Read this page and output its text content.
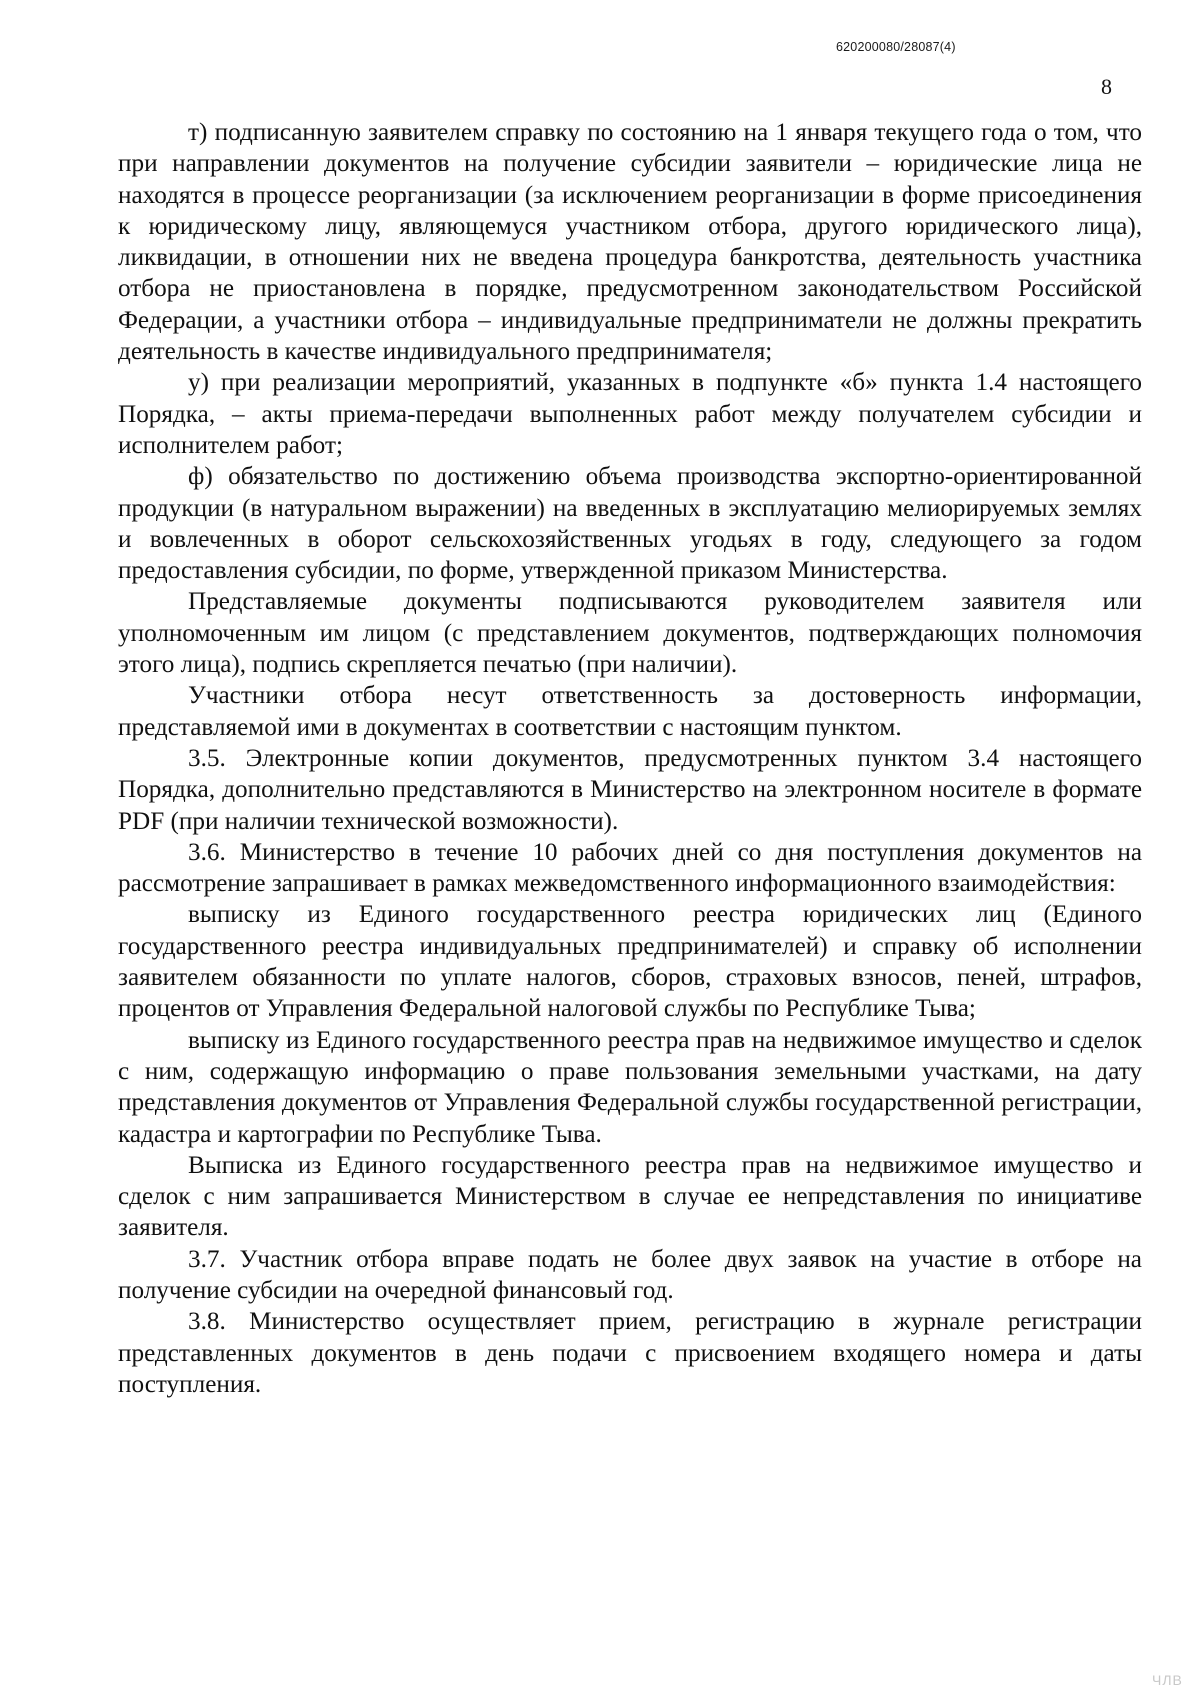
620200080/28087(4)
8

т) подписанную заявителем справку по состоянию на 1 января текущего года о том, что при направлении документов на получение субсидии заявители – юридические лица не находятся в процессе реорганизации (за исключением реорганизации в форме присоединения к юридическому лицу, являющемуся участником отбора, другого юридического лица), ликвидации, в отношении них не введена процедура банкротства, деятельность участника отбора не приостановлена в порядке, предусмотренном законодательством Российской Федерации, а участники отбора – индивидуальные предприниматели не должны прекратить деятельность в качестве индивидуального предпринимателя;

у) при реализации мероприятий, указанных в подпункте «б» пункта 1.4 настоящего Порядка, – акты приема-передачи выполненных работ между получателем субсидии и исполнителем работ;

ф) обязательство по достижению объема производства экспортно-ориентированной продукции (в натуральном выражении) на введенных в эксплуатацию мелиорируемых землях и вовлеченных в оборот сельскохозяйственных угодьях в году, следующего за годом предоставления субсидии, по форме, утвержденной приказом Министерства.

Представляемые документы подписываются руководителем заявителя или уполномоченным им лицом (с представлением документов, подтверждающих полномочия этого лица), подпись скрепляется печатью (при наличии).

Участники отбора несут ответственность за достоверность информации, представляемой ими в документах в соответствии с настоящим пунктом.

3.5. Электронные копии документов, предусмотренных пунктом 3.4 настоящего Порядка, дополнительно представляются в Министерство на электронном носителе в формате PDF (при наличии технической возможности).

3.6. Министерство в течение 10 рабочих дней со дня поступления документов на рассмотрение запрашивает в рамках межведомственного информационного взаимодействия:

выписку из Единого государственного реестра юридических лиц (Единого государственного реестра индивидуальных предпринимателей) и справку об исполнении заявителем обязанности по уплате налогов, сборов, страховых взносов, пеней, штрафов, процентов от Управления Федеральной налоговой службы по Республике Тыва;

выписку из Единого государственного реестра прав на недвижимое имущество и сделок с ним, содержащую информацию о праве пользования земельными участками, на дату представления документов от Управления Федеральной службы государственной регистрации, кадастра и картографии по Республике Тыва.

Выписка из Единого государственного реестра прав на недвижимое имущество и сделок с ним запрашивается Министерством в случае ее непредставления по инициативе заявителя.

3.7. Участник отбора вправе подать не более двух заявок на участие в отборе на получение субсидии на очередной финансовый год.

3.8. Министерство осуществляет прием, регистрацию в журнале регистрации представленных документов в день подачи с присвоением входящего номера и даты поступления.

ЧЛВ
